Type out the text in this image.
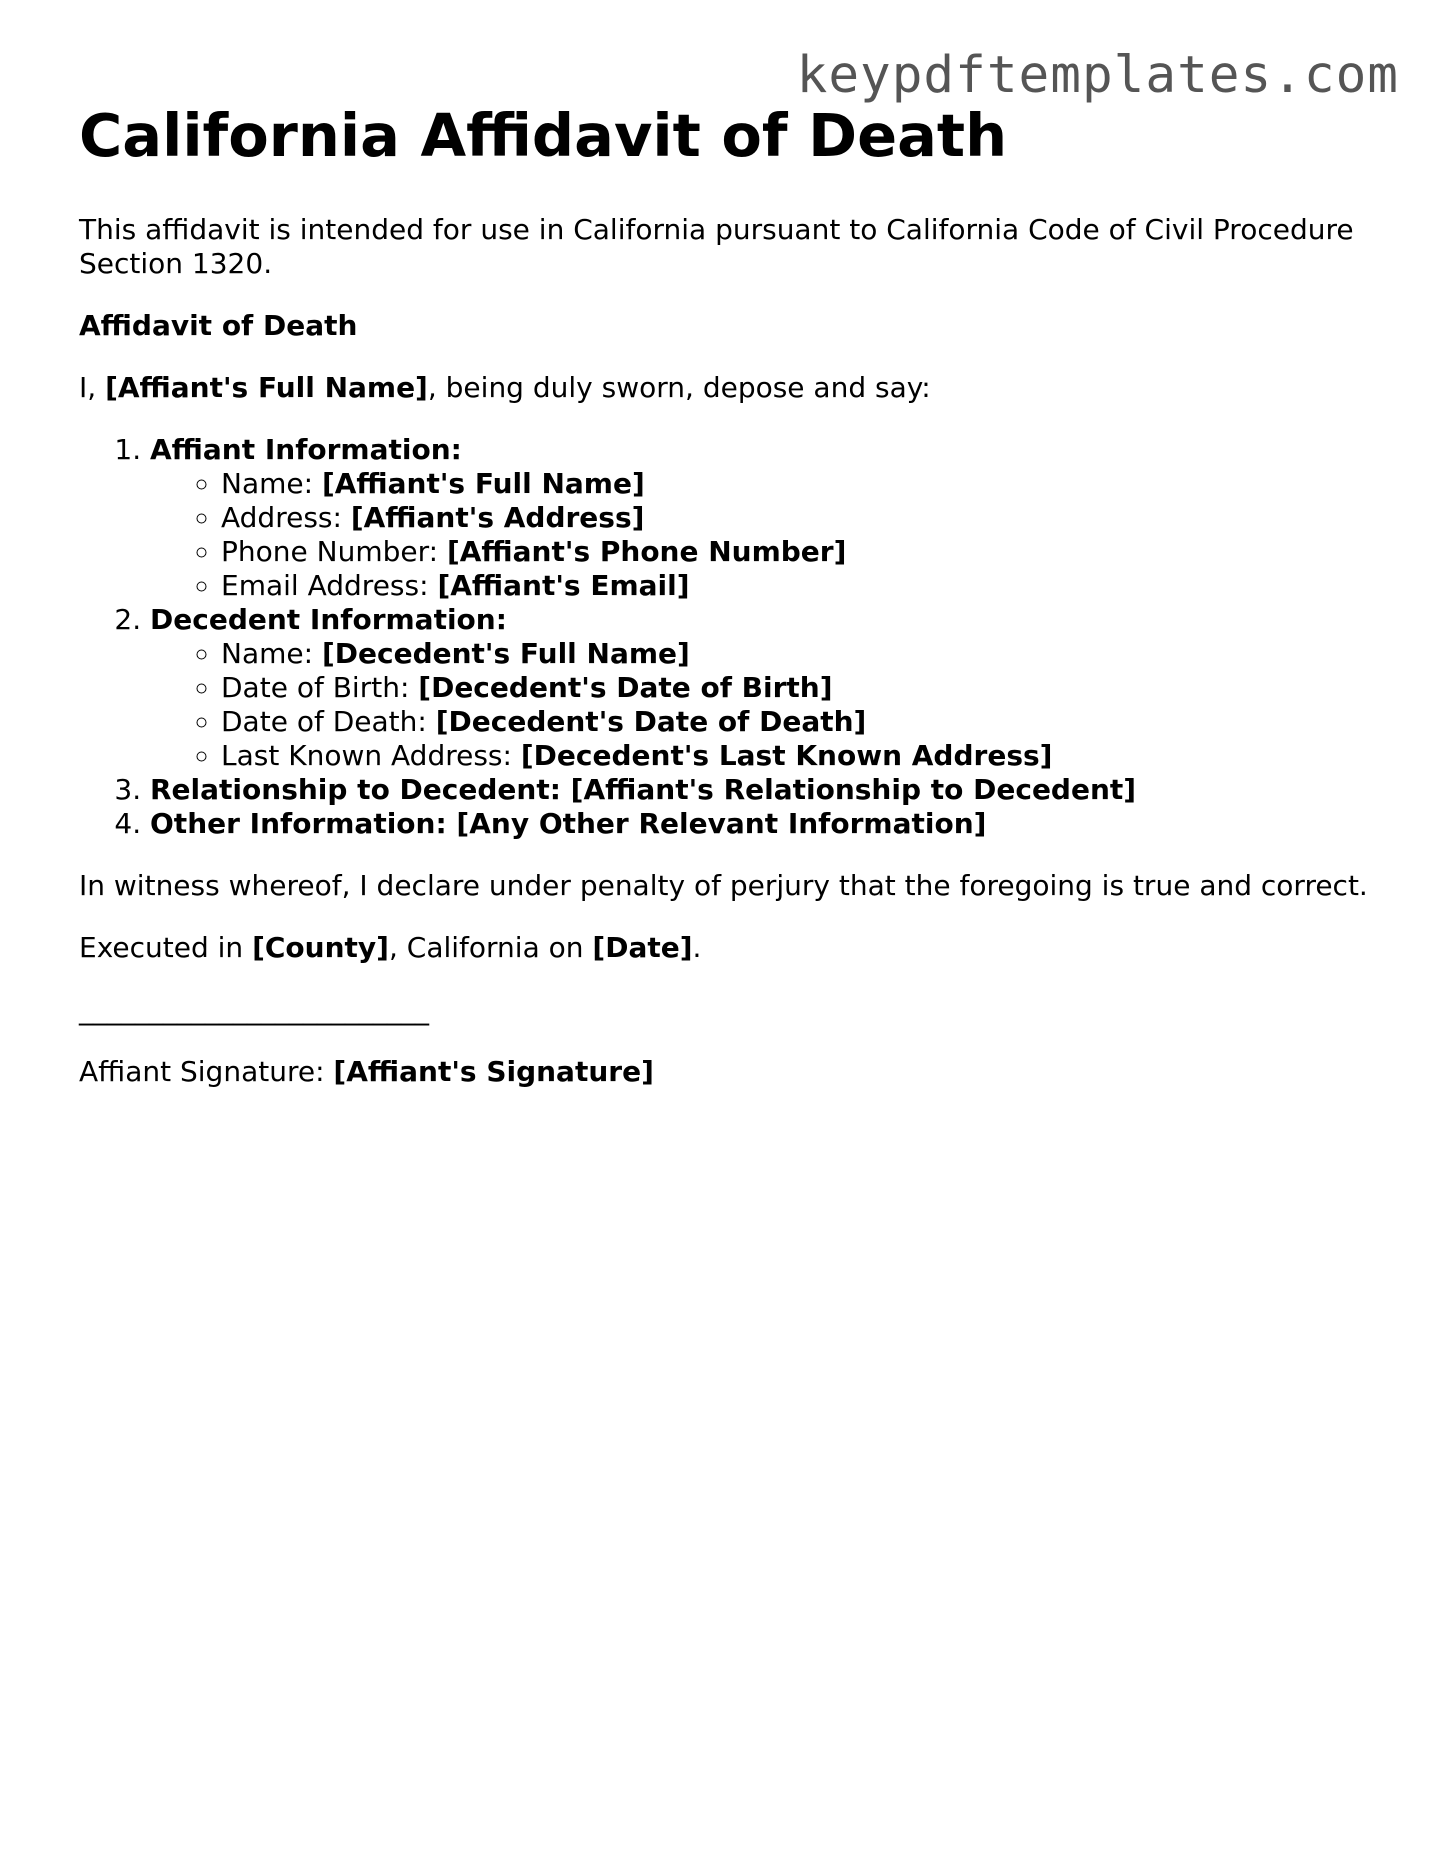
keypdftemplates.com
California Affidavit of Death

This affidavit is intended for use in California pursuant to California Code of Civil Procedure Section 1320.

Affidavit of Death

I, [Affiant's Full Name], being duly sworn, depose and say:

1. Affiant Information:
◦ Name: [Affiant's Full Name]
◦ Address: [Affiant's Address]
◦ Phone Number: [Affiant's Phone Number]
◦ Email Address: [Affiant's Email]
2. Decedent Information:
◦ Name: [Decedent's Full Name]
◦ Date of Birth: [Decedent's Date of Birth]
◦ Date of Death: [Decedent's Date of Death]
◦ Last Known Address: [Decedent's Last Known Address]
3. Relationship to Decedent: [Affiant's Relationship to Decedent]
4. Other Information: [Any Other Relevant Information]

In witness whereof, I declare under penalty of perjury that the foregoing is true and correct.

Executed in [County], California on [Date].

_________________________

Affiant Signature: [Affiant's Signature]
